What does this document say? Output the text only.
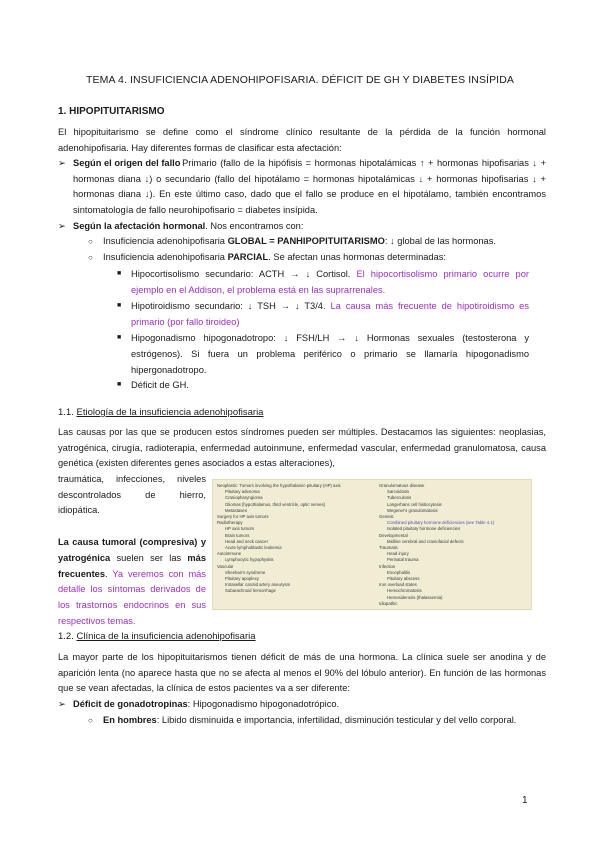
TEMA 4. INSUFICIENCIA ADENOHIPOFISARIA. DÉFICIT DE GH Y DIABETES INSÍPIDA
1. HIPOPITUITARISMO
El hipopituitarismo se define como el síndrome clínico resultante de la pérdida de la función hormonal adenohipofisaria. Hay diferentes formas de clasificar esta afectación:
➢ Según el origen del fallo
: Primario (fallo de la hipófisis = hormonas hipotalámicas ↑ + hormonas hipofisarias ↓ + hormonas diana ↓) o secundario (fallo del hipotálamo = hormonas hipotalámicas ↓ + hormonas hipofisarias ↓ + hormonas diana ↓). En este último caso, dado que el fallo se produce en el hipotálamo, también encontramos sintomatología de fallo neurohipofisario = diabetes insípida.
➢ Según la afectación hormonal. Nos encontramos con:
○ Insuficiencia adenohipofisaria GLOBAL = PANHIPOPITUITARISMO: ↓ global de las hormonas.
○ Insuficiencia adenohipofisaria PARCIAL. Se afectan unas hormonas determinadas:
■ Hipocortisolismo secundario: ACTH → ↓ Cortisol. El hipocortisolismo primario ocurre por ejemplo en el Addison, el problema está en las suprarrenales.
■ Hipotiroidismo secundario: ↓ TSH → ↓ T3/4. La causa más frecuente de hipotiroidismo es primario (por fallo tiroideo)
■ Hipogonadismo hipogonadotropo: ↓ FSH/LH → ↓ Hormonas sexuales (testosterona y estrógenos). Si fuera un problema periférico o primario se llamaría hipogonadismo hipergonadotropo.
■ Déficit de GH.
1.1. Etiología de la insuficiencia adenohipofisaria
Las causas por las que se producen estos síndromes pueden ser múltiples. Destacamos las siguientes: neoplasias, yatrogénica, cirugía, radioterapia, enfermedad autoinmune, enfermedad vascular, enfermedad granulomatosa, causa genética (existen diferentes genes asociados a estas alteraciones),
traumática, infecciones, niveles descontrolados de hierro, idiopática.
La causa tumoral (compresiva) y yatrogénica suelen ser las más frecuentes. Ya veremos con más detalle los síntomas derivados de los trastornos endocrinos en sus respectivos temas.
Neoplastic: Tumors involving the hypothalamic-pituitary (HP) axis
Pituitary adenoma
Craniopharyngioma
Gliomas (hypothalamus, third ventricle, optic nerves)
Metastases
Surgery for HP axis tumors
Radiotherapy
HP axis tumors
Brain tumors
Head and neck cancer
Acute lymphoblastic leukemia
Autoimmune
Lymphocytic hypophysitis
Vascular
Sheehan's syndrome
Pituitary apoplexy
Intrasellar carotid artery aneurysm
Subarachnoid hemorrhage
Granulomatous disease
Sarcoidosis
Tuberculosis
Langerhans cell histiocytosis
Wegener's granulomatosis
Genetic
Combined pituitary hormone deficiencies (see Table 4.1)
Isolated pituitary hormone deficiencies
Developmental
Midline cerebral and craniofacial defects
Traumatic
Head injury
Perinatal trauma
Infection
Encephalitis
Pituitary abscess
Iron overload states
Hemochromatosis
Hemosiderosis (thalassemia)
Idiopathic
1.2. Clínica de la insuficiencia adenohipofisaria
La mayor parte de los hipopituitarismos tienen déficit de más de una hormona. La clínica suele ser anodina y de aparición lenta (no aparece hasta que no se afecta al menos el 90% del lóbulo anterior). En función de las hormonas que se vean afectadas, la clínica de estos pacientes va a ser diferente:
➢ Déficit de gonadotropinas: Hipogonadismo hipogonadotrópico.
○ En hombres: Libido disminuida e importancia, infertilidad, disminución testicular y del vello corporal.
1
